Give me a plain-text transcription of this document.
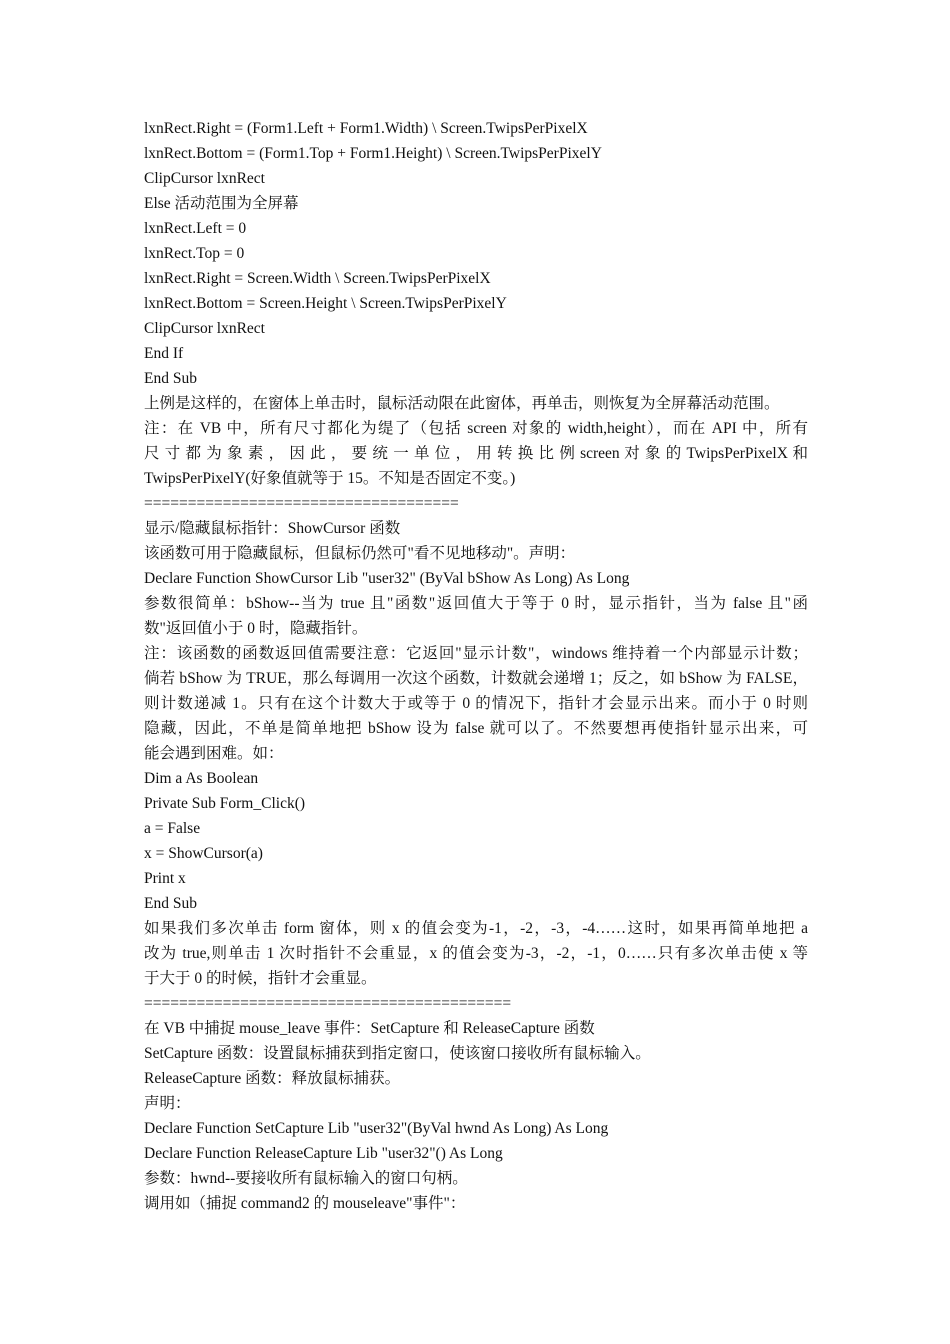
lxnRect.Right = (Form1.Left + Form1.Width) \ Screen.TwipsPerPixelX
lxnRect.Bottom = (Form1.Top + Form1.Height) \ Screen.TwipsPerPixelY
ClipCursor lxnRect
Else 活动范围为全屏幕
lxnRect.Left = 0
lxnRect.Top = 0
lxnRect.Right = Screen.Width \ Screen.TwipsPerPixelX
lxnRect.Bottom = Screen.Height \ Screen.TwipsPerPixelY
ClipCursor lxnRect
End If
End Sub
上例是这样的，在窗体上单击时，鼠标活动限在此窗体，再单击，则恢复为全屏幕活动范围。
注：在 VB 中，所有尺寸都化为缇了（包括 screen 对象的 width,height），而在 API 中，所有
尺 寸 都 为 象 素 ， 因 此 ， 要 统 一 单 位 ， 用 转 换 比 例 screen 对 象 的 TwipsPerPixelX 和
TwipsPerPixelY(好象值就等于 15。不知是否固定不变。)
====================================
显示/隐藏鼠标指针：ShowCursor 函数
该函数可用于隐藏鼠标，但鼠标仍然可"看不见地移动"。声明：
Declare Function ShowCursor Lib "user32" (ByVal bShow As Long) As Long
参数很简单：bShow--当为 true 且"函数"返回值大于等于 0 时，显示指针，当为 false 且"函
数"返回值小于 0 时，隐藏指针。
注：该函数的函数返回值需要注意：它返回"显示计数"，windows 维持着一个内部显示计数；
倘若 bShow 为 TRUE，那么每调用一次这个函数，计数就会递增 1；反之，如 bShow 为 FALSE，
则计数递减 1。只有在这个计数大于或等于 0 的情况下，指针才会显示出来。而小于 0 时则
隐藏，因此，不单是简单地把 bShow 设为 false 就可以了。不然要想再使指针显示出来，可
能会遇到困难。如：
Dim a As Boolean
Private Sub Form_Click()
a = False
x = ShowCursor(a)
Print x
End Sub
如果我们多次单击 form 窗体，则 x 的值会变为-1，-2，-3，-4……这时，如果再简单地把 a
改为 true,则单击 1 次时指针不会重显，x 的值会变为-3，-2，-1，0……只有多次单击使 x 等
于大于 0 的时候，指针才会重显。
==========================================
在 VB 中捕捉 mouse_leave 事件：SetCapture 和 ReleaseCapture 函数
SetCapture 函数：设置鼠标捕获到指定窗口，使该窗口接收所有鼠标输入。
ReleaseCapture 函数：释放鼠标捕获。
声明：
Declare Function SetCapture Lib "user32"(ByVal hwnd As Long) As Long
Declare Function ReleaseCapture Lib "user32"() As Long
参数：hwnd--要接收所有鼠标输入的窗口句柄。
调用如（捕捉 command2 的 mouseleave"事件"：
